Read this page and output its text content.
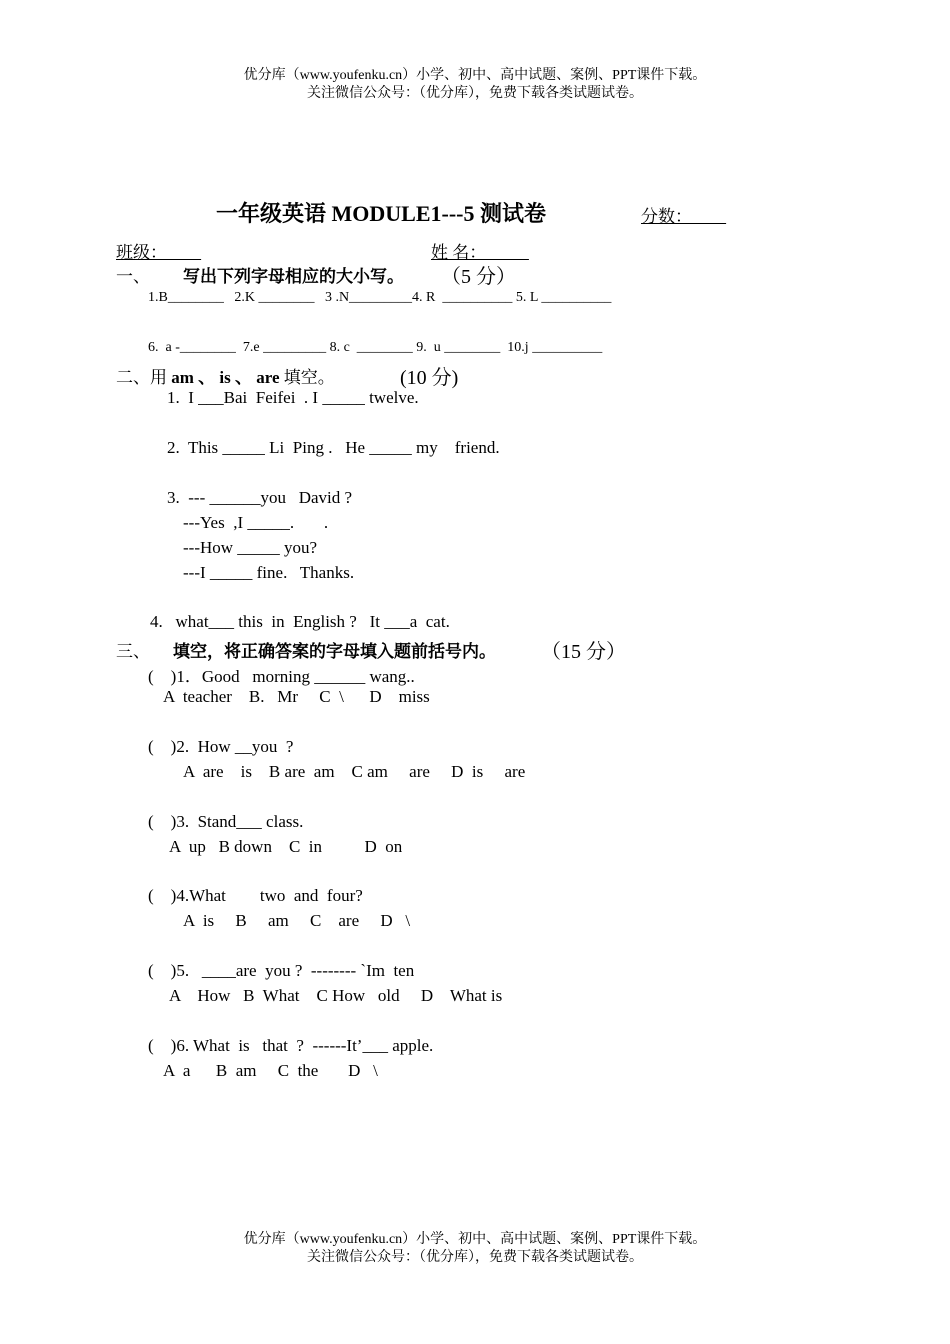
优分库（www.youfenku.cn）小学、初中、高中试题、案例、PPT课件下载。
关注微信公众号：（优分库），免费下载各类试题试卷。
一年级英语 MODULE1---5 测试卷	分数：____
班级：____	姓 名：_____
一、 写出下列字母相应的大小写。 （5 分）
1.B________   2.K ________   3 .N_________4. R  __________ 5. L __________
6.  a -________  7.e _________ 8. c  ________ 9.  u ________  10.j __________
二、用 am 、 is 、 are 填空。	(10 分)
1.  I ___Bai  Feifei  . I _____ twelve.
2.  This _____ Li  Ping .   He _____ my    friend.
3.  --- ______you   David ?
---Yes  ,I _____.       .
---How _____ you?
---I _____ fine.   Thanks.
4.   what___ this  in  English ?   It ___a  cat.
三、 填空，将正确答案的字母填入题前括号内。 （15 分）
(    )1．Good   morning ______ wang..
A  teacher    B.   Mr     C  \      D    miss
(    )2.  How __you  ?
A  are    is    B are  am    C am     are     D  is     are
(    )3.  Stand___ class.
A  up   B down    C  in          D  on
(    )4.What        two  and  four?
A  is     B     am     C    are     D   \
(    )5.   ____are  you ?  -------- `Im  ten
A    How   B  What    C How   old     D    What is
(    )6. What  is   that  ?  ------It’___ apple.
A  a      B  am     C  the       D   \
优分库（www.youfenku.cn）小学、初中、高中试题、案例、PPT课件下载。
关注微信公众号：（优分库），免费下载各类试题试卷。
